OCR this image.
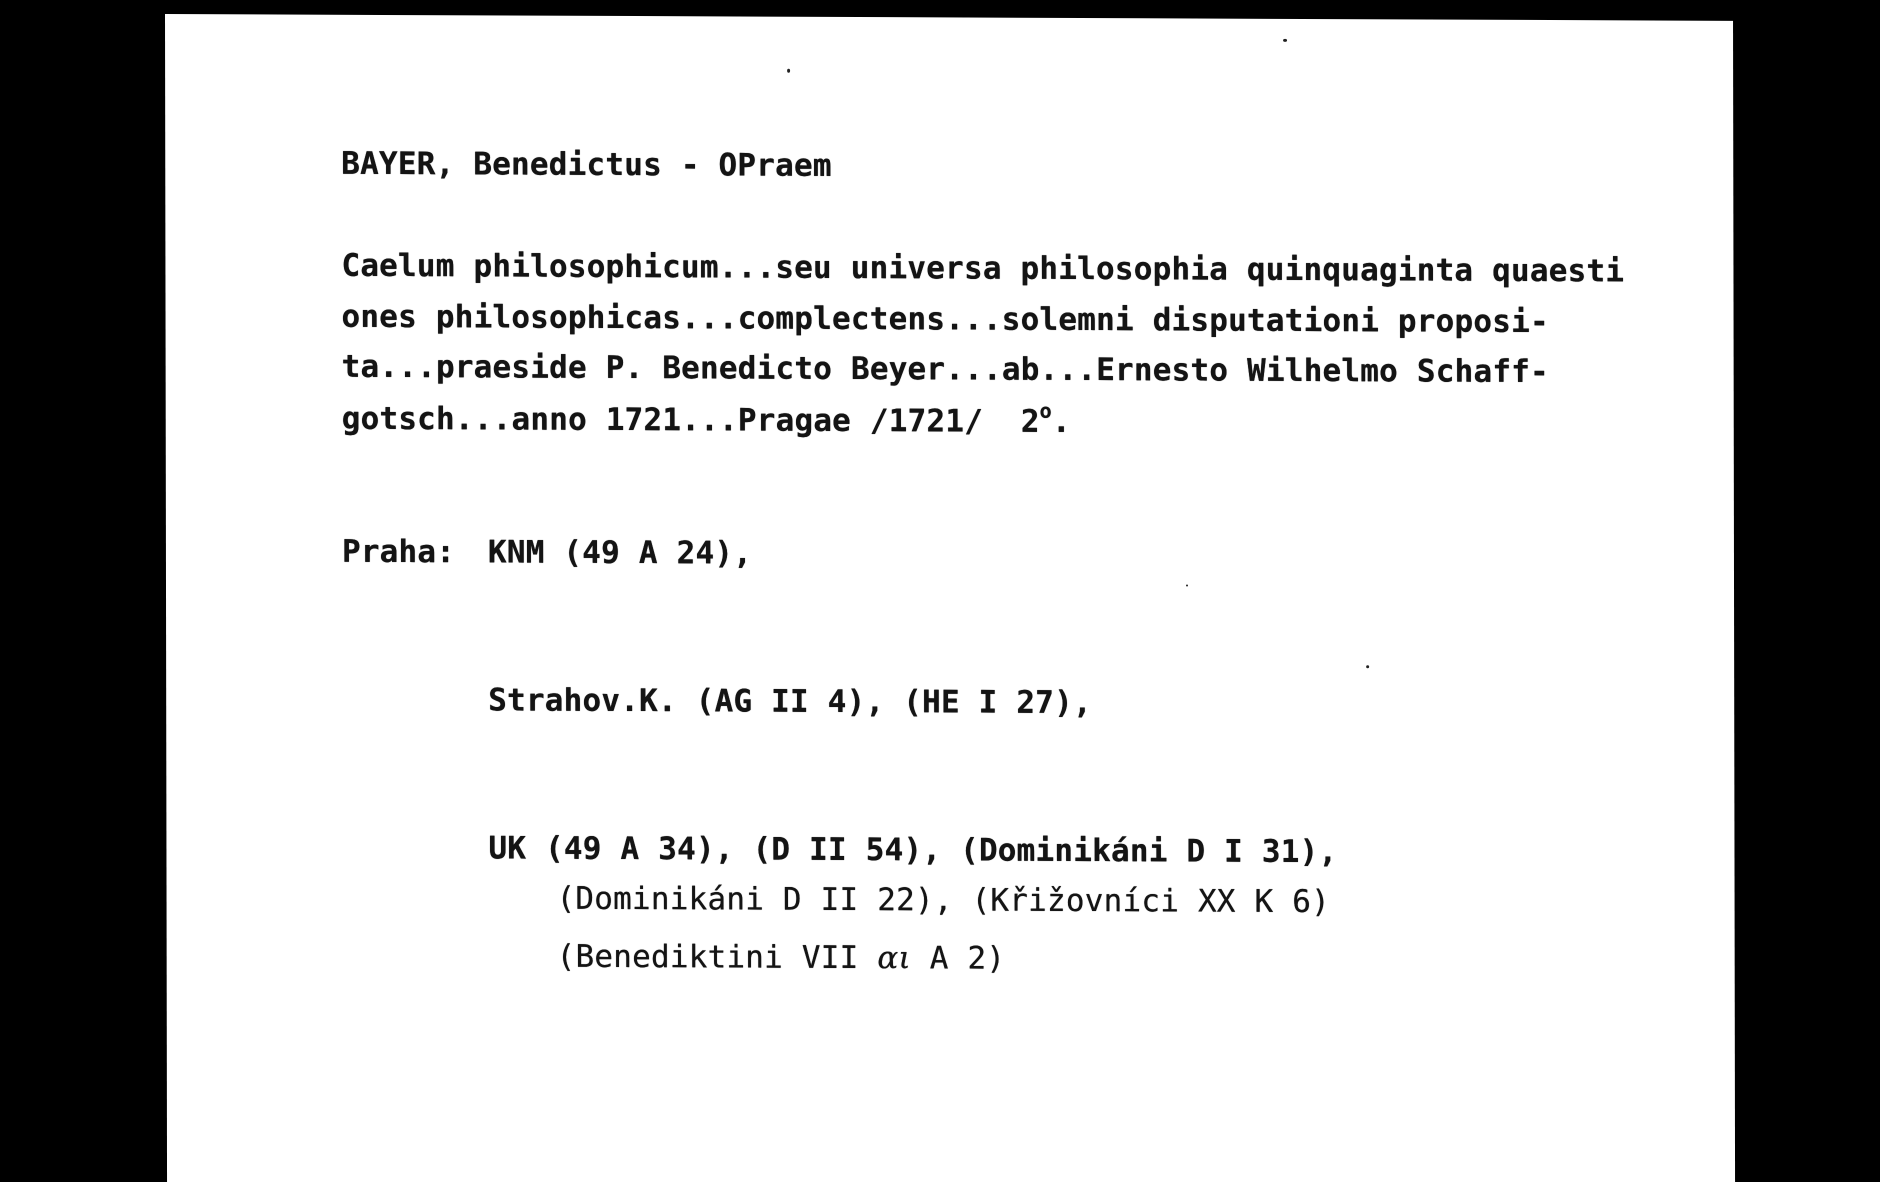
BAYER, Benedictus - OPraem
Caelum philosophicum...seu universa philosophia quinquaginta quaesti
ones philosophicas...complectens...solemni disputationi proposi-
ta...praeside P. Benedicto Beyer...ab...Ernesto Wilhelmo Schaff-
gotsch...anno 1721...Pragae /1721/  2$^o$.
Praha: KNM (49 A 24),
Strahov.K. (AG II 4), (HE I 27),
UK (49 A 34), (D II 54), (Dominikáni D I 31),
(Dominikáni D II 22), (Křižovníci XX K 6)
(Benediktini VII αι A 2)
